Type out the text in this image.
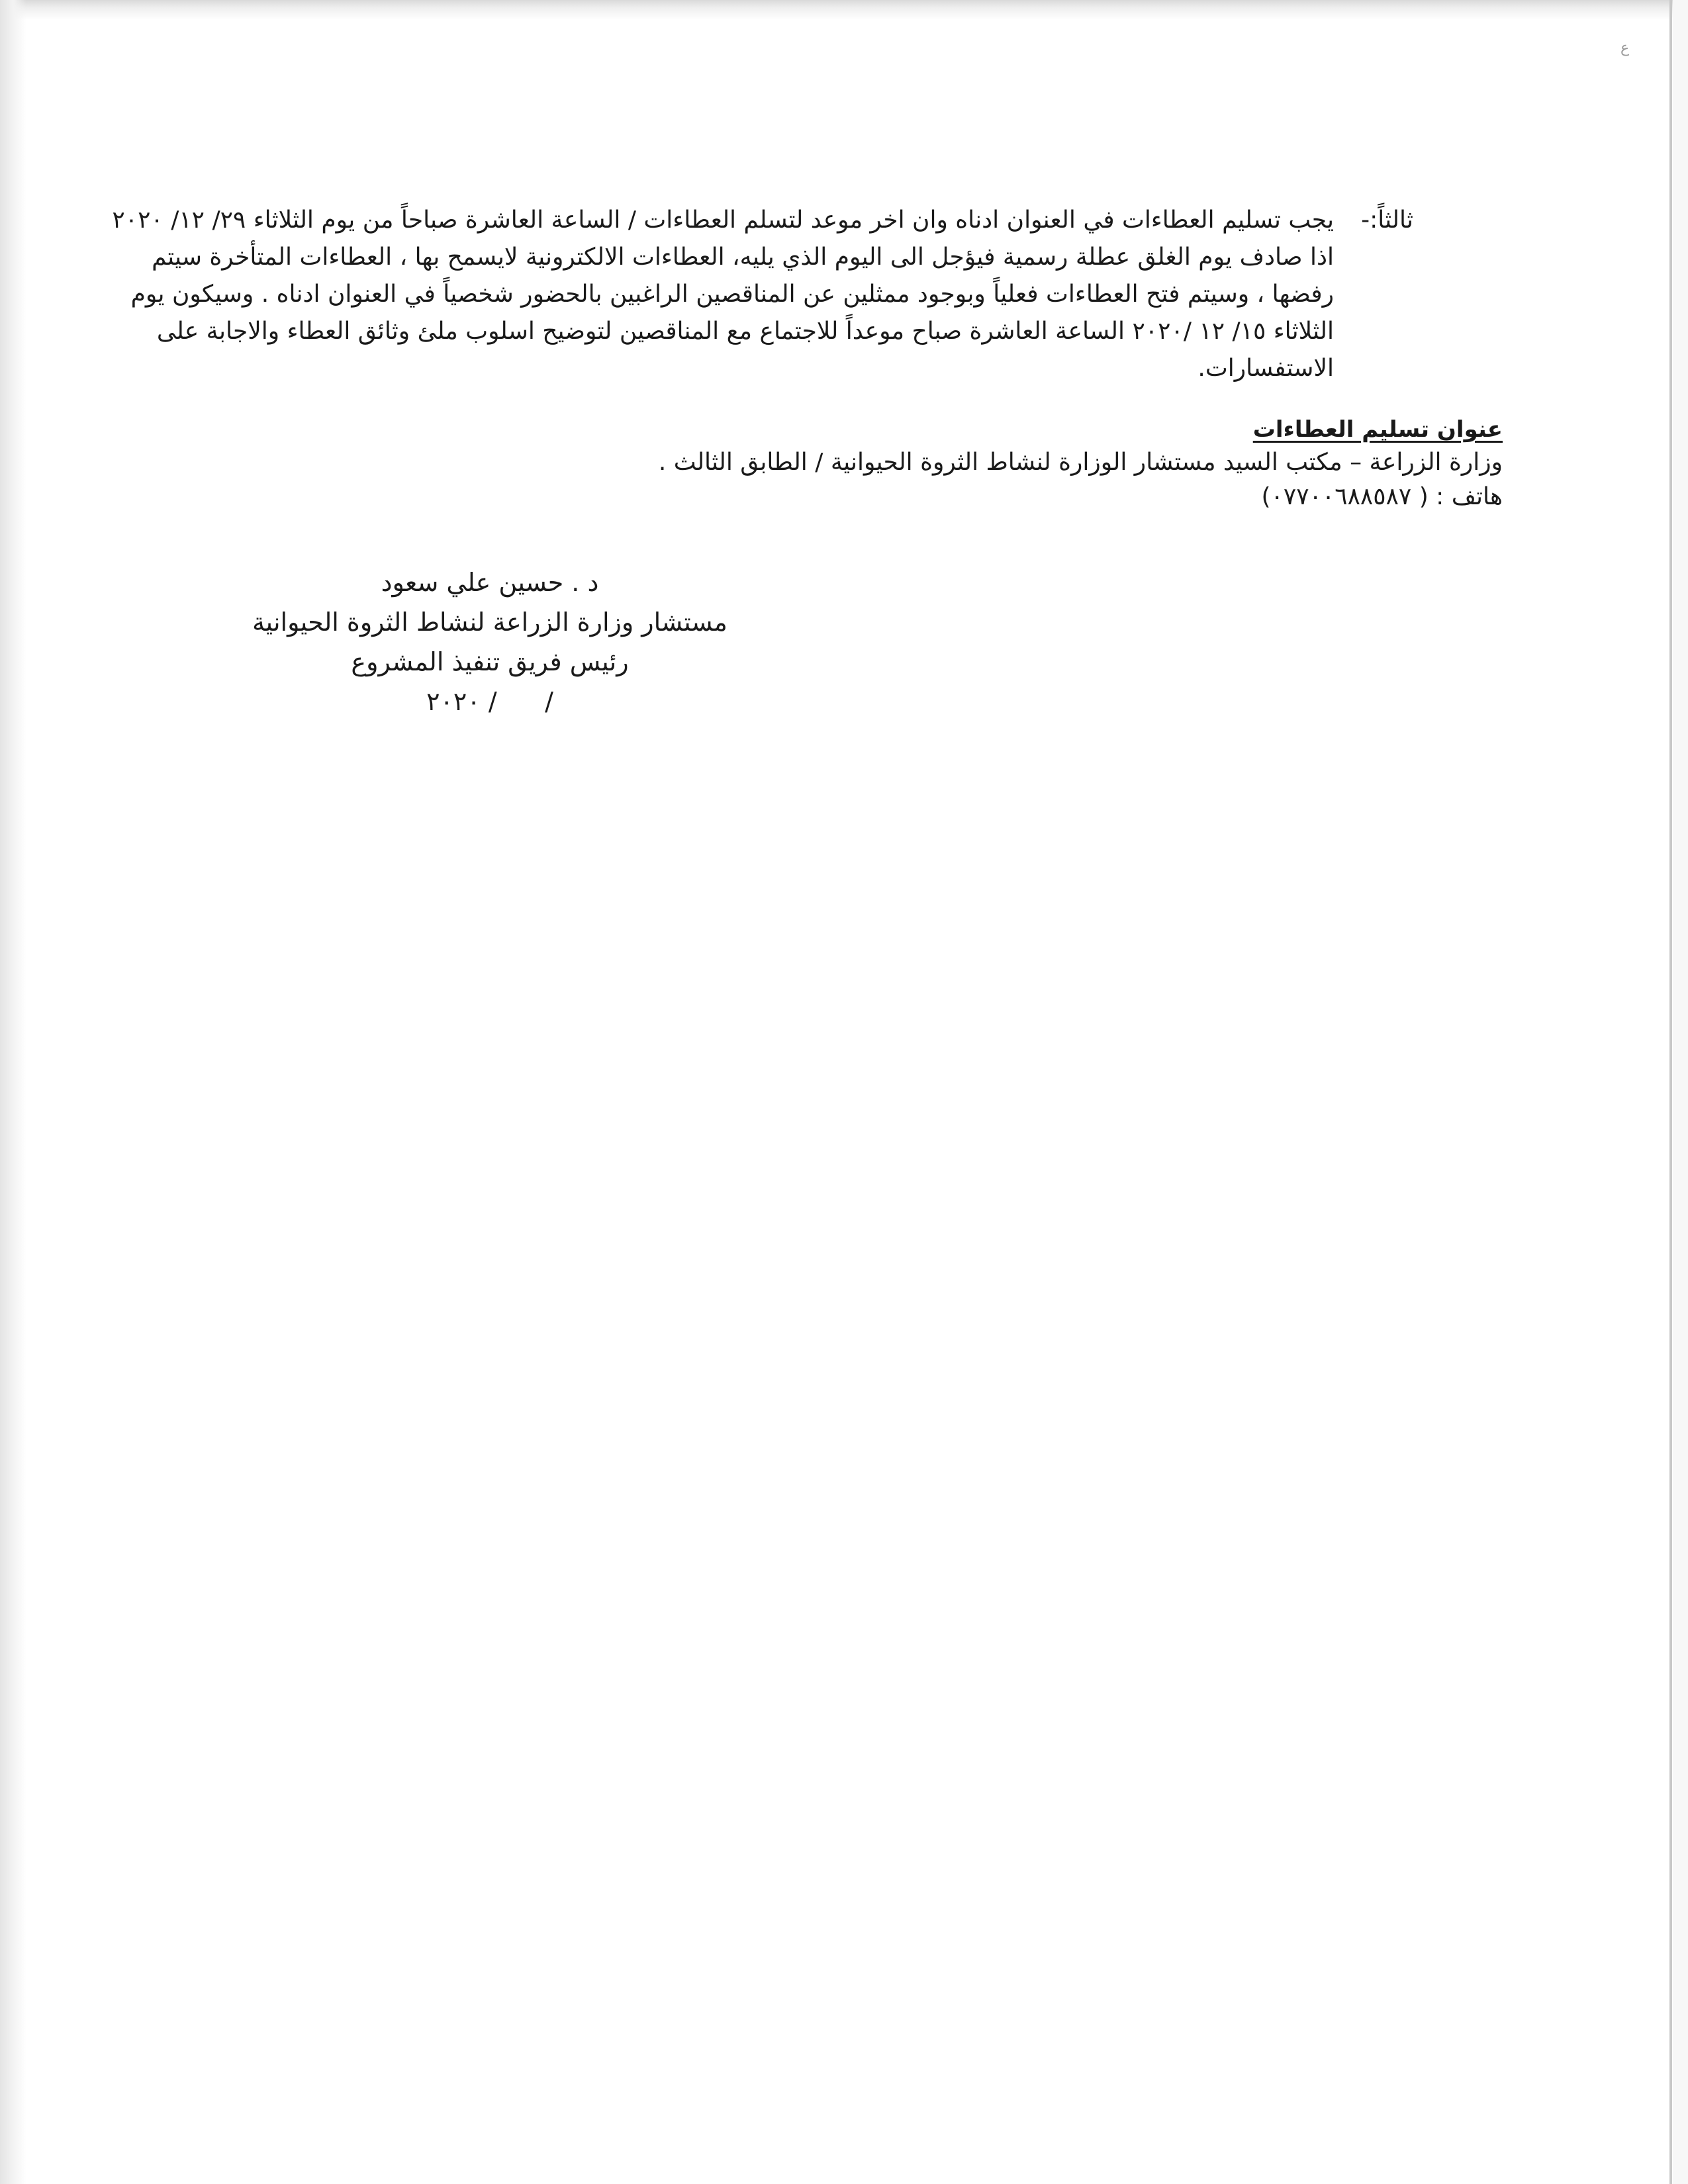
ع
ثالثاً:-
يجب تسليم العطاءات في العنوان ادناه وان اخر موعد لتسلم العطاءات / الساعة العاشرة صباحاً من يوم الثلاثاء ٢٩/ ١٢/ ٢٠٢٠
اذا صادف يوم الغلق عطلة رسمية فيؤجل الى اليوم الذي يليه، العطاءات الالكترونية لايسمح بها ، العطاءات المتأخرة سيتم
رفضها ، وسيتم فتح العطاءات فعلياً وبوجود ممثلين عن المناقصين الراغبين بالحضور شخصياً في العنوان ادناه . وسيكون يوم
الثلاثاء ١٥/ ١٢ /٢٠٢٠ الساعة العاشرة صباح موعداً للاجتماع مع المناقصين لتوضيح اسلوب ملئ وثائق العطاء والاجابة على
الاستفسارات.
عنوان تسليم العطاءات
وزارة الزراعة – مكتب السيد مستشار الوزارة لنشاط الثروة الحيوانية / الطابق الثالث .
هاتف : ( ٠٧٧٠٠٦٨٨٥٨٧)
د . حسين علي سعود
مستشار وزارة الزراعة لنشاط الثروة الحيوانية
رئيس فريق تنفيذ المشروع
٢٠٢٠ /      /
